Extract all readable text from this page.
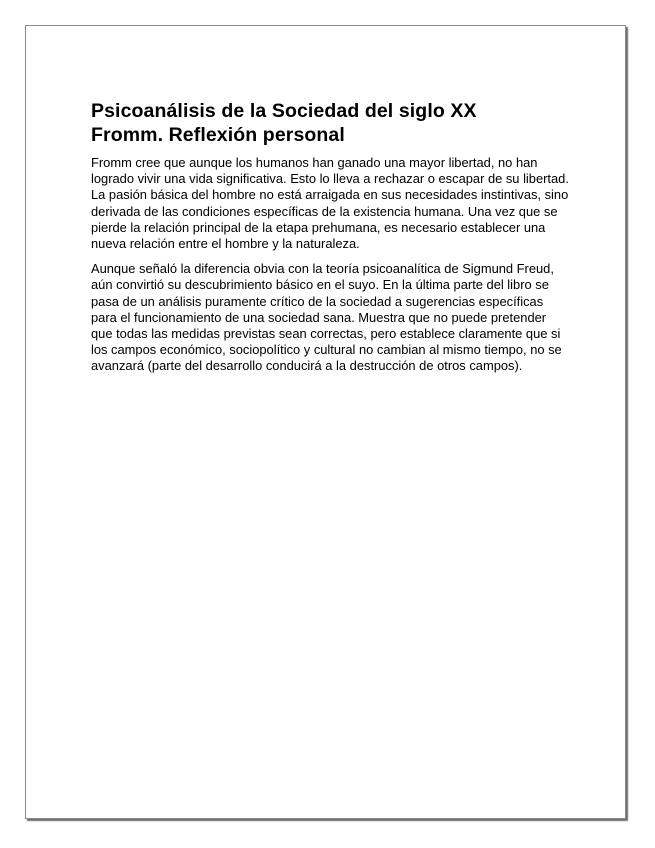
Psicoanálisis de la Sociedad del siglo XX
Fromm. Reflexión personal

Fromm cree que aunque los humanos han ganado una mayor libertad, no han logrado vivir una vida significativa. Esto lo lleva a rechazar o escapar de su libertad. La pasión básica del hombre no está arraigada en sus necesidades instintivas, sino derivada de las condiciones específicas de la existencia humana. Una vez que se pierde la relación principal de la etapa prehumana, es necesario establecer una nueva relación entre el hombre y la naturaleza.

Aunque señaló la diferencia obvia con la teoría psicoanalítica de Sigmund Freud, aún convirtió su descubrimiento básico en el suyo. En la última parte del libro se pasa de un análisis puramente crítico de la sociedad a sugerencias específicas para el funcionamiento de una sociedad sana. Muestra que no puede pretender que todas las medidas previstas sean correctas, pero establece claramente que si los campos económico, sociopolítico y cultural no cambian al mismo tiempo, no se avanzará (parte del desarrollo conducirá a la destrucción de otros campos).
